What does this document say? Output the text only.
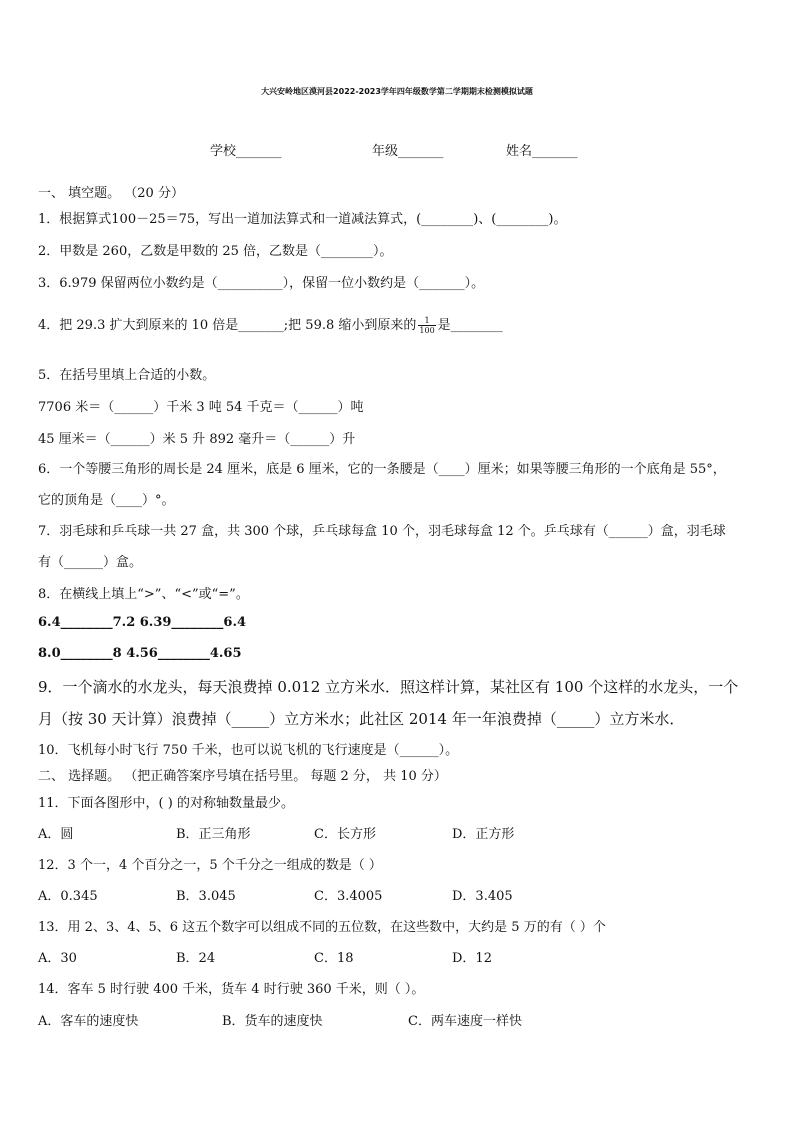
大兴安岭地区漠河县2022-2023学年四年级数学第二学期期末检测模拟试题
学校_______	年级_______	姓名_______
一、 填空题。 （20 分）
1．根据算式100－25＝75，写出一道加法算式和一道减法算式，(________)、(________)。
2．甲数是 260，乙数是甲数的 25 倍，乙数是（________）。
3．6.979 保留两位小数约是（__________），保留一位小数约是（_______）。
4．把 29.3 扩大到原来的 10 倍是_______;把 59.8 缩小到原来的 $\frac{1}{100}$ 是________
5．在括号里填上合适的小数。
7706 米＝（______）千米 3 吨 54 千克＝（______）吨
45 厘米＝（______）米 5 升 892 毫升＝（______）升
6．一个等腰三角形的周长是 24 厘米，底是 6 厘米，它的一条腰是（____）厘米；如果等腰三角形的一个底角是 55°，
它的顶角是（____）°。
7．羽毛球和乒乓球一共 27 盒，共 300 个球，乒乓球每盒 10 个，羽毛球每盒 12 个。乒乓球有（______）盒，羽毛球
有（______）盒。
8．在横线上填上“>”、“<”或“=”。
6.4________7.2 6.39________6.4
8.0________8 4.56________4.65
9．一个滴水的水龙头，每天浪费掉 0.012 立方米水．照这样计算，某社区有 100 个这样的水龙头，一个
月（按 30 天计算）浪费掉（_____）立方米水；此社区 2014 年一年浪费掉（_____）立方米水．
10．飞机每小时飞行 750 千米，也可以说飞机的飞行速度是（______）。
二、 选择题。 （把正确答案序号填在括号里。 每题 2 分， 共 10 分）
11．下面各图形中，( ) 的对称轴数量最少。
A．圆	B．正三角形	C．长方形	D．正方形
12．3 个一，4 个百分之一，5 个千分之一组成的数是（ ）
A．0.345	B．3.045	C．3.4005	D．3.405
13．用 2、3、4、5、6 这五个数字可以组成不同的五位数，在这些数中，大约是 5 万的有（ ）个
A．30	B．24	C．18	D．12
14．客车 5 时行驶 400 千米，货车 4 时行驶 360 千米，则（ ）。
A．客车的速度快	B．货车的速度快	C．两车速度一样快
